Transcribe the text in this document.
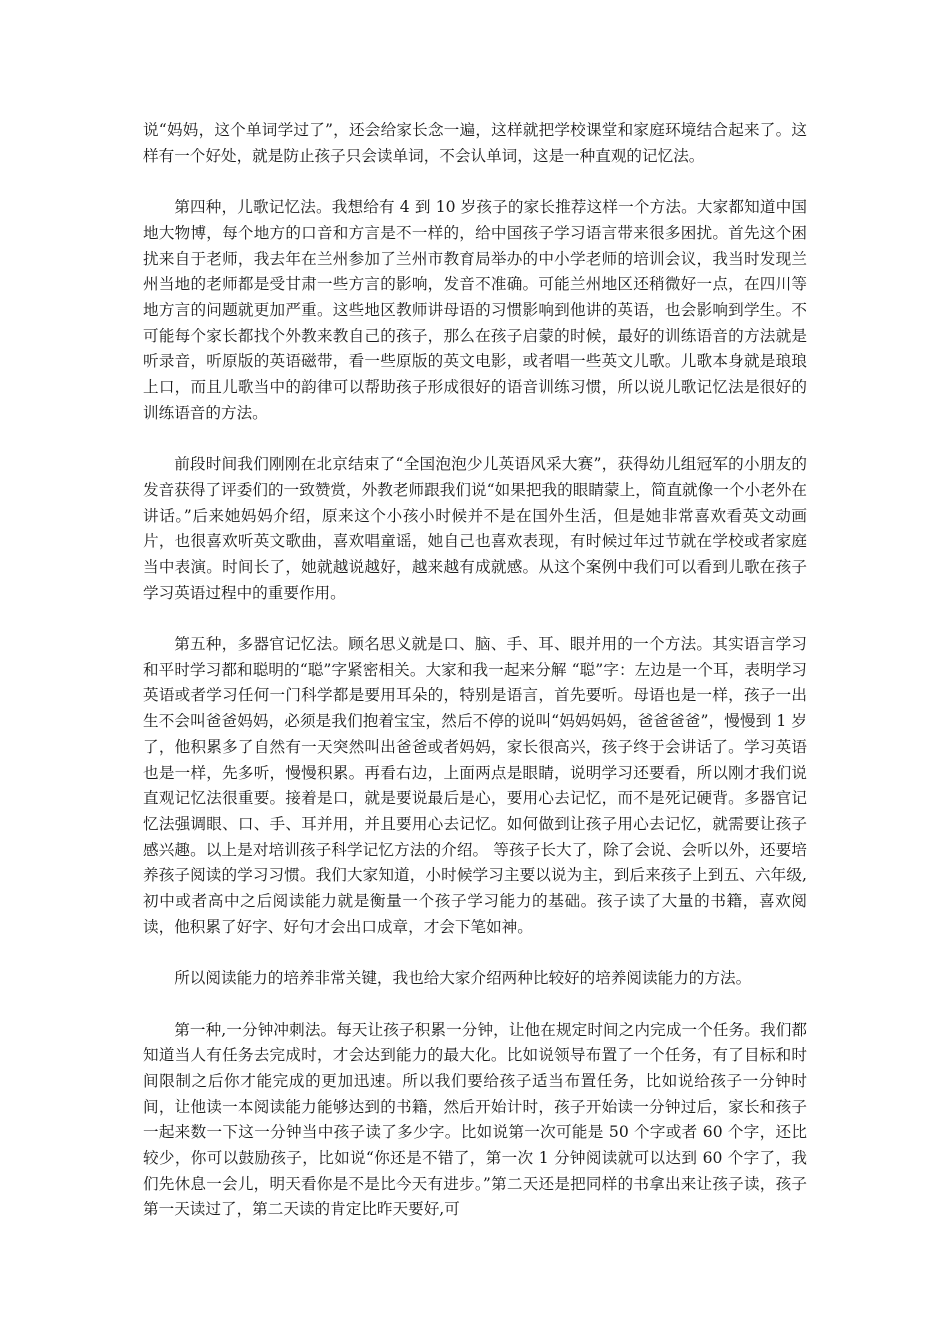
说“妈妈，这个单词学过了”，还会给家长念一遍，这样就把学校课堂和家庭环境结合起来了。这样有一个好处，就是防止孩子只会读单词，不会认单词，这是一种直观的记忆法。

第四种，儿歌记忆法。我想给有 4 到 10 岁孩子的家长推荐这样一个方法。大家都知道中国地大物博，每个地方的口音和方言是不一样的，给中国孩子学习语言带来很多困扰。首先这个困扰来自于老师，我去年在兰州参加了兰州市教育局举办的中小学老师的培训会议，我当时发现兰州当地的老师都是受甘肃一些方言的影响，发音不准确。可能兰州地区还稍微好一点，在四川等地方言的问题就更加严重。这些地区教师讲母语的习惯影响到他讲的英语，也会影响到学生。不可能每个家长都找个外教来教自己的孩子，那么在孩子启蒙的时候，最好的训练语音的方法就是听录音，听原版的英语磁带，看一些原版的英文电影，或者唱一些英文儿歌。儿歌本身就是琅琅上口，而且儿歌当中的韵律可以帮助孩子形成很好的语音训练习惯，所以说儿歌记忆法是很好的训练语音的方法。

前段时间我们刚刚在北京结束了“全国泡泡少儿英语风采大赛”，获得幼儿组冠军的小朋友的发音获得了评委们的一致赞赏，外教老师跟我们说“如果把我的眼睛蒙上，简直就像一个小老外在讲话。”后来她妈妈介绍，原来这个小孩小时候并不是在国外生活，但是她非常喜欢看英文动画片，也很喜欢听英文歌曲，喜欢唱童谣，她自己也喜欢表现，有时候过年过节就在学校或者家庭当中表演。时间长了，她就越说越好，越来越有成就感。从这个案例中我们可以看到儿歌在孩子学习英语过程中的重要作用。

第五种，多器官记忆法。顾名思义就是口、脑、手、耳、眼并用的一个方法。其实语言学习和平时学习都和聪明的“聪”字紧密相关。大家和我一起来分解 “聪”字：左边是一个耳，表明学习英语或者学习任何一门科学都是要用耳朵的，特别是语言，首先要听。母语也是一样，孩子一出生不会叫爸爸妈妈，必须是我们抱着宝宝，然后不停的说叫“妈妈妈妈，爸爸爸爸”，慢慢到 1 岁了，他积累多了自然有一天突然叫出爸爸或者妈妈，家长很高兴，孩子终于会讲话了。学习英语也是一样，先多听，慢慢积累。再看右边，上面两点是眼睛，说明学习还要看，所以刚才我们说直观记忆法很重要。接着是口，就是要说最后是心，要用心去记忆，而不是死记硬背。多器官记忆法强调眼、口、手、耳并用，并且要用心去记忆。如何做到让孩子用心去记忆，就需要让孩子感兴趣。以上是对培训孩子科学记忆方法的介绍。 等孩子长大了，除了会说、会听以外，还要培养孩子阅读的学习习惯。我们大家知道，小时候学习主要以说为主，到后来孩子上到五、六年级,初中或者高中之后阅读能力就是衡量一个孩子学习能力的基础。孩子读了大量的书籍，喜欢阅读，他积累了好字、好句才会出口成章，才会下笔如神。

所以阅读能力的培养非常关键，我也给大家介绍两种比较好的培养阅读能力的方法。

第一种,一分钟冲刺法。每天让孩子积累一分钟，让他在规定时间之内完成一个任务。我们都知道当人有任务去完成时，才会达到能力的最大化。比如说领导布置了一个任务，有了目标和时间限制之后你才能完成的更加迅速。所以我们要给孩子适当布置任务，比如说给孩子一分钟时间，让他读一本阅读能力能够达到的书籍，然后开始计时，孩子开始读一分钟过后，家长和孩子一起来数一下这一分钟当中孩子读了多少字。比如说第一次可能是 50 个字或者 60 个字，还比较少，你可以鼓励孩子，比如说“你还是不错了，第一次 1 分钟阅读就可以达到 60 个字了，我们先休息一会儿，明天看你是不是比今天有进步。”第二天还是把同样的书拿出来让孩子读，孩子第一天读过了，第二天读的肯定比昨天要好,可
